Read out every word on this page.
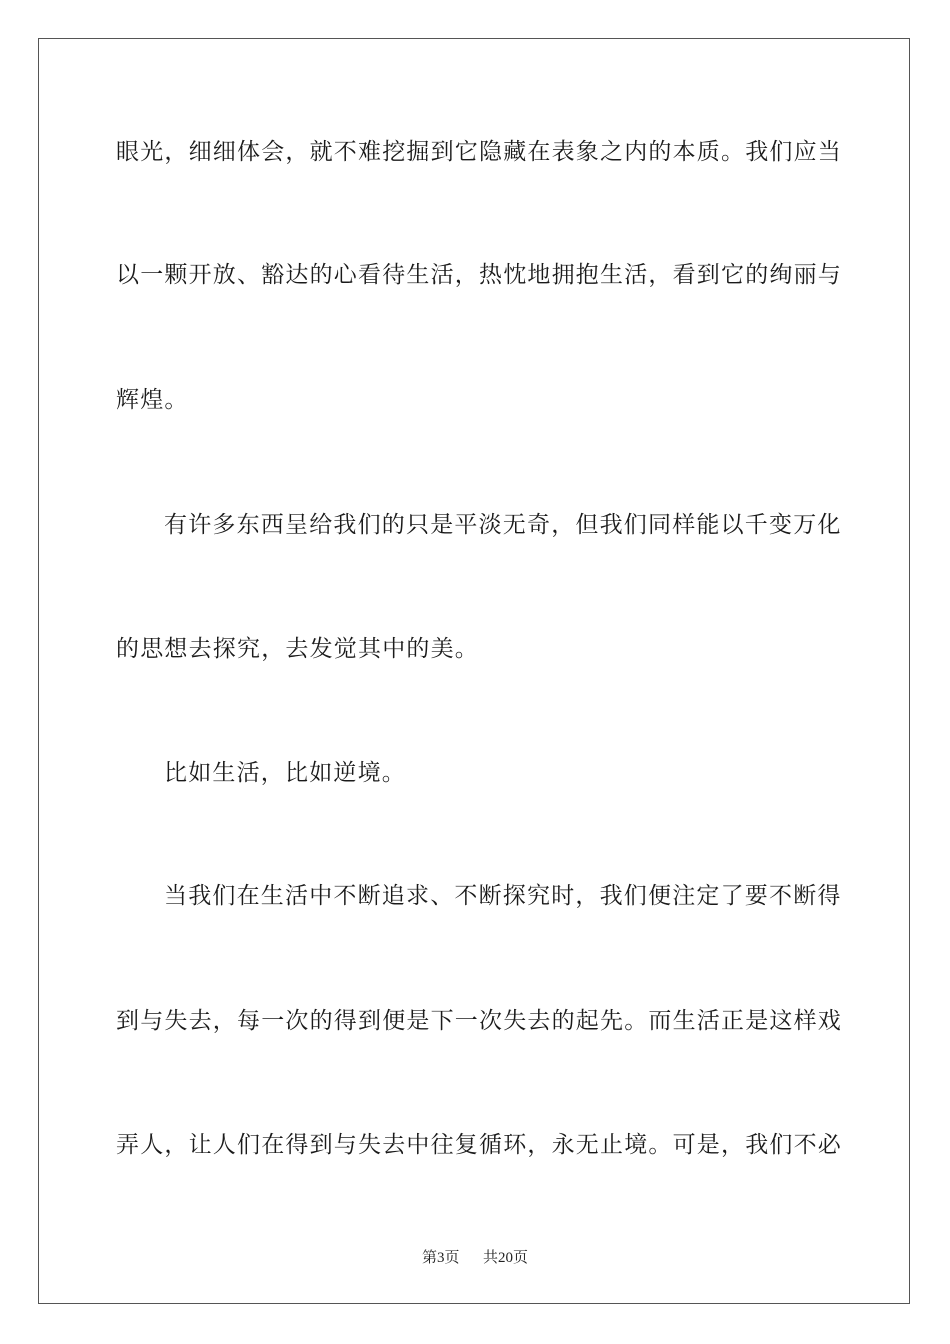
眼光，细细体会，就不难挖掘到它隐藏在表象之内的本质。我们应当
以一颗开放、豁达的心看待生活，热忱地拥抱生活，看到它的绚丽与
辉煌。
有许多东西呈给我们的只是平淡无奇，但我们同样能以千变万化
的思想去探究，去发觉其中的美。
比如生活，比如逆境。
当我们在生活中不断追求、不断探究时，我们便注定了要不断得
到与失去，每一次的得到便是下一次失去的起先。而生活正是这样戏
弄人，让人们在得到与失去中往复循环，永无止境。可是，我们不必
第3页 共20页
